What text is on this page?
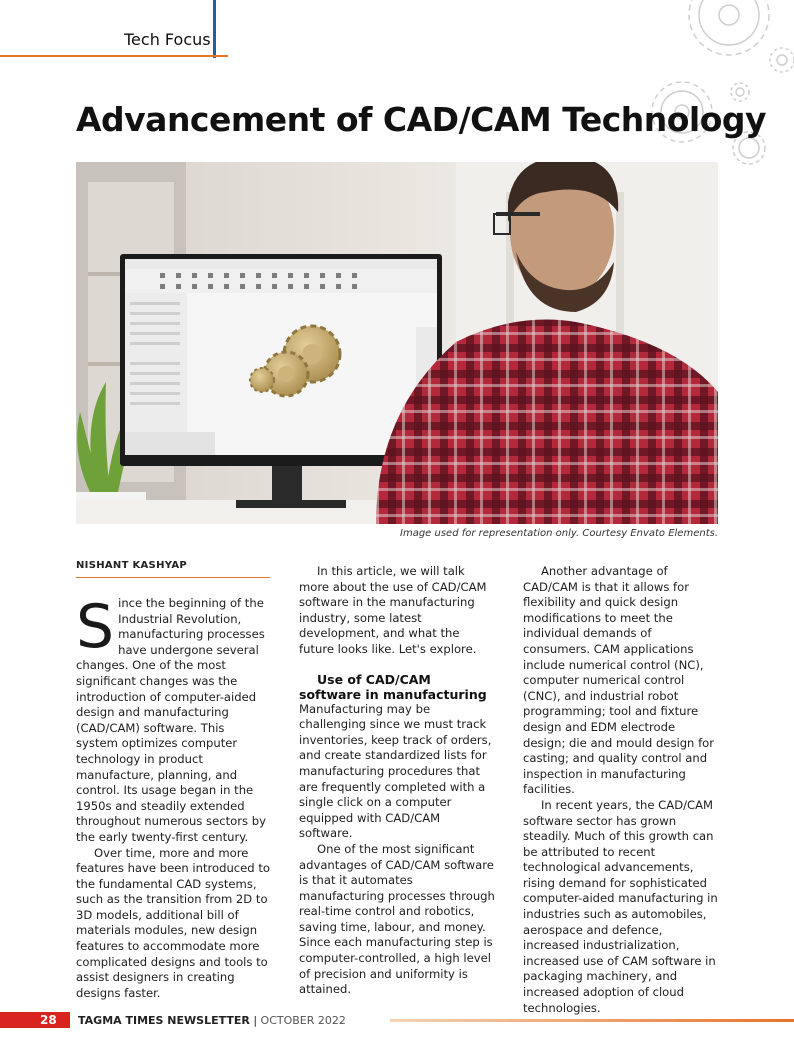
Tech Focus
Advancement of CAD/CAM Technology
Image used for representation only. Courtesy Envato Elements.
NISHANT KASHYAP

Since the beginning of the Industrial Revolution, manufacturing processes have undergone several changes. One of the most significant changes was the introduction of computer-aided design and manufacturing (CAD/CAM) software. This system optimizes computer technology in product manufacture, planning, and control. Its usage began in the 1950s and steadily extended throughout numerous sectors by the early twenty-first century.

Over time, more and more features have been introduced to the fundamental CAD systems, such as the transition from 2D to 3D models, additional bill of materials modules, new design features to accommodate more complicated designs and tools to assist designers in creating designs faster.

In this article, we will talk more about the use of CAD/CAM software in the manufacturing industry, some latest development, and what the future looks like. Let's explore.

Use of CAD/CAM software in manufacturing

Manufacturing may be challenging since we must track inventories, keep track of orders, and create standardized lists for manufacturing procedures that are frequently completed with a single click on a computer equipped with CAD/CAM software.

One of the most significant advantages of CAD/CAM software is that it automates manufacturing processes through real-time control and robotics, saving time, labour, and money. Since each manufacturing step is computer-controlled, a high level of precision and uniformity is attained.

Another advantage of CAD/CAM is that it allows for flexibility and quick design modifications to meet the individual demands of consumers. CAM applications include numerical control (NC), computer numerical control (CNC), and industrial robot programming; tool and fixture design and EDM electrode design; die and mould design for casting; and quality control and inspection in manufacturing facilities.

In recent years, the CAD/CAM software sector has grown steadily. Much of this growth can be attributed to recent technological advancements, rising demand for sophisticated computer-aided manufacturing in industries such as automobiles, aerospace and defence, increased industrialization, increased use of CAM software in packaging machinery, and increased adoption of cloud technologies.

28 TAGMA TIMES NEWSLETTER | OCTOBER 2022
